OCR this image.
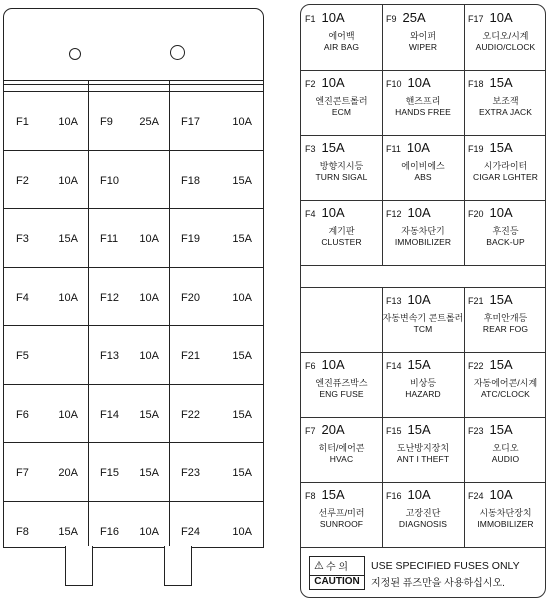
F1	10A F9 25A F17	10A
F2	10A F10	F18	15A
F3	15A F11 10A F19	15A
F4	10A F12 10A F20	10A
F5	F13 10A F21	15A
F6	10A F14 15A F22	15A
F7	20A F15 15A F23	15A
F8	15A F16 10A F24	10A
F1 10A
에어백
AIR BAG
F9 25A
와이퍼
WIPER
F17 10A
오디오/시계
AUDIO/CLOCK
F2 10A
엔진콘트롤러
ECM
F10 10A
핸즈프리
HANDS FREE
F18 15A
보조잭
EXTRA JACK
F3 15A
방향지시등
TURN SIGAL
F11 10A
에이비에스
ABS
F19 15A
시가라이터
CIGAR LGHTER
F4 10A
계기판
CLUSTER
F12 10A
자동차단기
IMMOBILIZER
F20 10A
후진등
BACK-UP
F13 10A
자동변속기 콘트롤러
TCM
F21 15A
후미안개등
REAR FOG
F6 10A
엔진퓨즈박스
ENG FUSE
F14 15A
비상등
HAZARD
F22 15A
자동에어콘/시계
ATC/CLOCK
F7 20A
히터/에어콘
HVAC
F15 15A
도난방지장치
ANT I THEFT
F23 15A
오디오
AUDIO
F8 15A
선루프/미러
SUNROOF
F16 10A
고장진단
DIAGNOSIS
F24 10A
시동차단장치
IMMOBILIZER
⚠ 수 의
CAUTION
USE SPECIFIED FUSES ONLY
지정된 퓨즈만을 사용하십시오.
